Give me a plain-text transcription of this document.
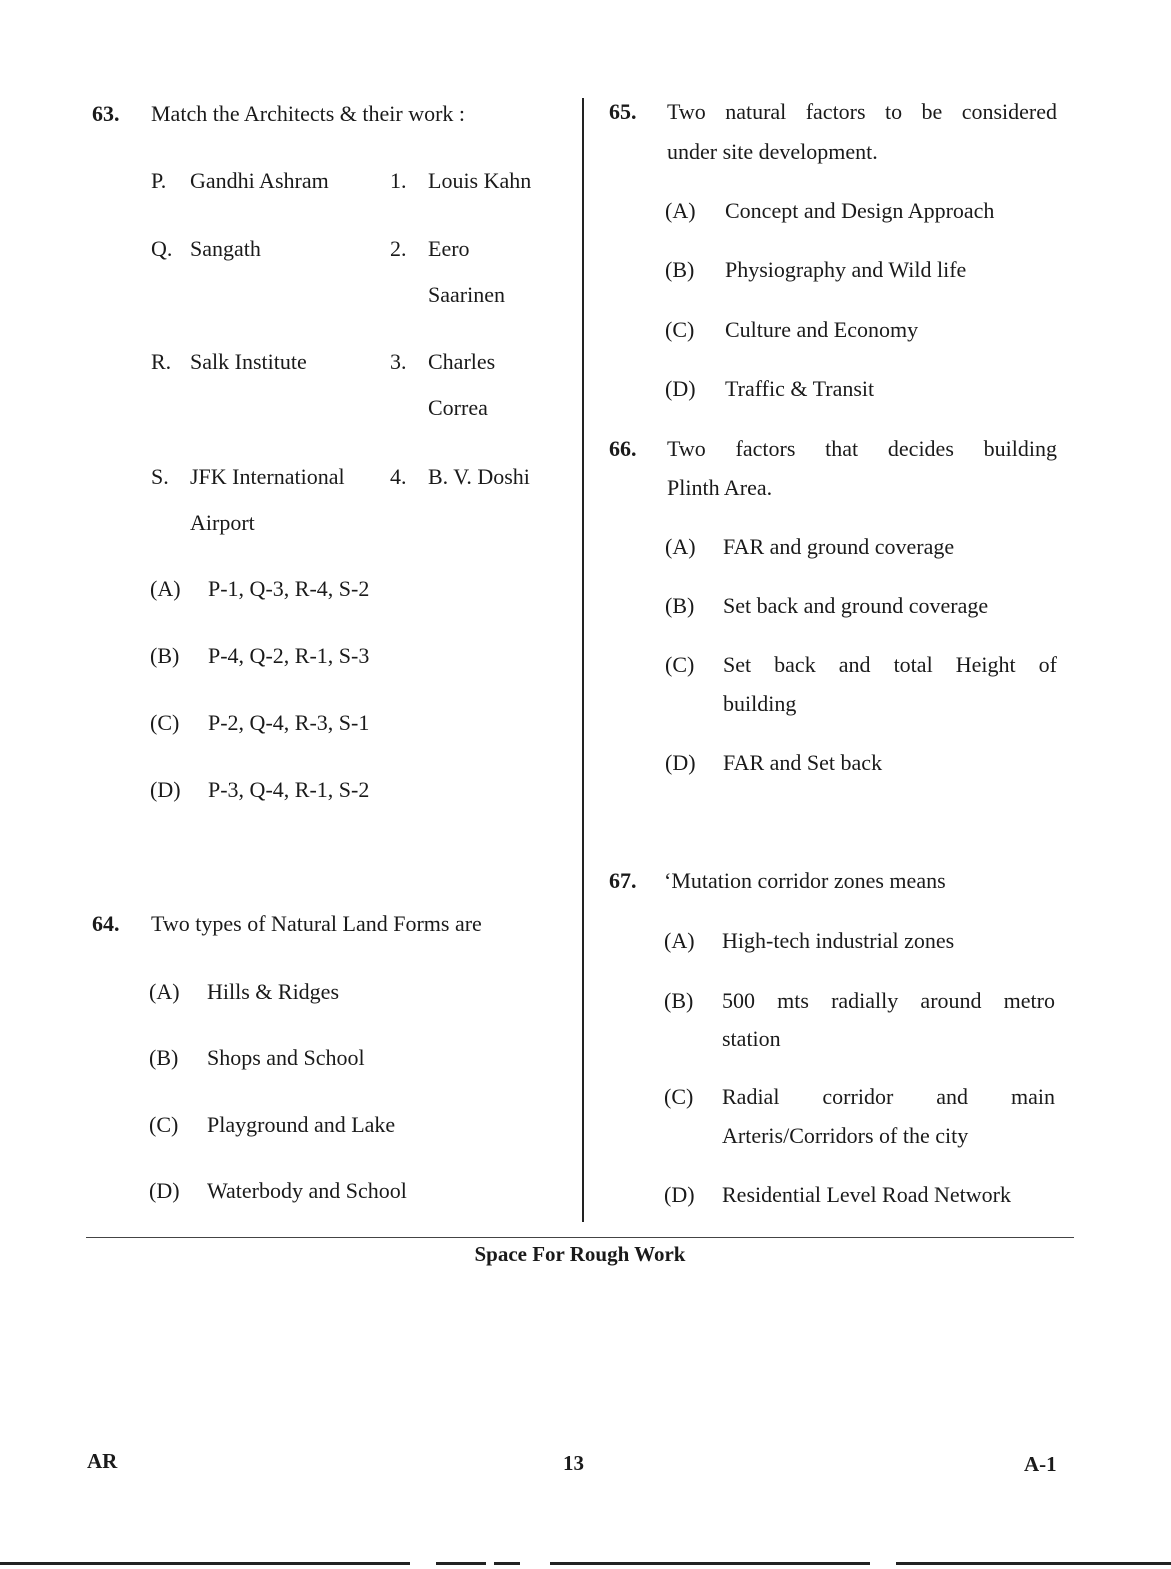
63. Match the Architects & their work :
P. Gandhi Ashram
Q. Sangath
R. Salk Institute
S. JFK International
Airport
1. Louis Kahn
2. Eero
Saarinen
3. Charles
Correa
4. B. V. Doshi
(A) P-1, Q-3, R-4, S-2
(B) P-4, Q-2, R-1, S-3
(C) P-2, Q-4, R-3, S-1
(D) P-3, Q-4, R-1, S-2
64. Two types of Natural Land Forms are
(A) Hills & Ridges
(B) Shops and School
(C) Playground and Lake
(D) Waterbody and School
65. Two natural factors to be considered
under site development.
(A) Concept and Design Approach
(B) Physiography and Wild life
(C) Culture and Economy
(D) Traffic & Transit
66. Two factors that decides building
Plinth Area.
(A) FAR and ground coverage
(B) Set back and ground coverage
(C) Set back and total Height of
building
(D) FAR and Set back
67. ‘Mutation corridor zones means
(A) High-tech industrial zones
(B) 500 mts radially around metro
station
(C) Radial corridor and main
Arteris/Corridors of the city
(D) Residential Level Road Network
Space For Rough Work
AR	13	A-1
